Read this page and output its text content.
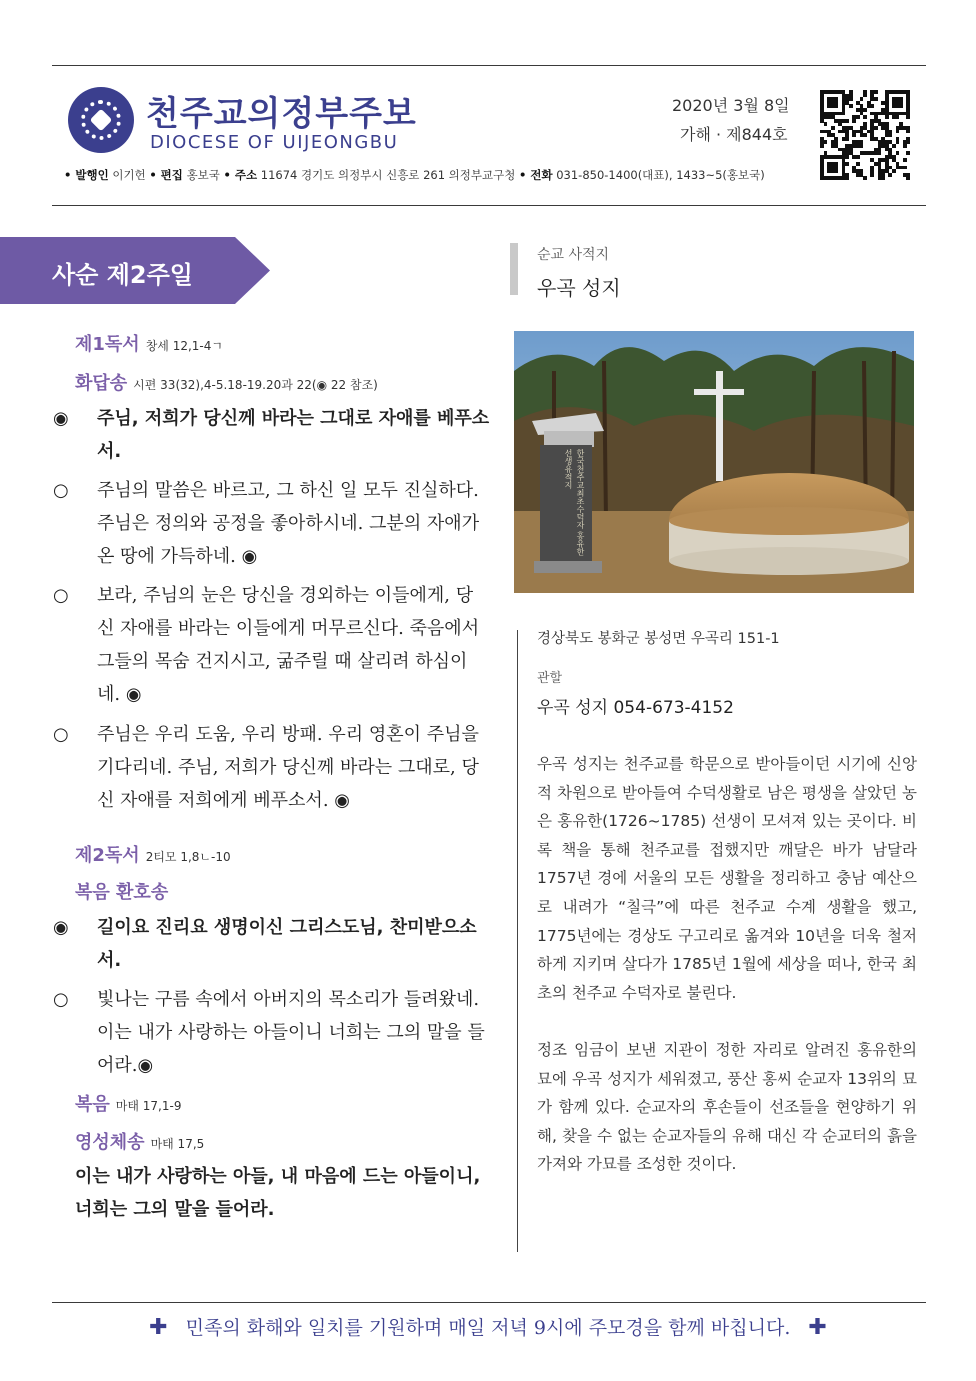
천주교의정부주보
DIOCESE OF UIJEONGBU
2020년 3월 8일
가해 · 제844호
• 발행인 이기헌 • 편집 홍보국 • 주소 11674 경기도 의정부시 신흥로 261 의정부교구청 • 전화 031-850-1400(대표), 1433~5(홍보국)
사순 제2주일
제1독서 창세 12,1-4ㄱ
화답송 시편 33(32),4-5.18-19.20과 22(◉ 22 참조)
◉ 주님, 저희가 당신께 바라는 그대로 자애를 베푸소서.
○ 주님의 말씀은 바르고, 그 하신 일 모두 진실하다. 주님은 정의와 공정을 좋아하시네. 그분의 자애가 온 땅에 가득하네. ◉
○ 보라, 주님의 눈은 당신을 경외하는 이들에게, 당신 자애를 바라는 이들에게 머무르신다. 죽음에서 그들의 목숨 건지시고, 굶주릴 때 살리려 하심이네. ◉
○ 주님은 우리 도움, 우리 방패. 우리 영혼이 주님을 기다리네. 주님, 저희가 당신께 바라는 그대로, 당신 자애를 저희에게 베푸소서. ◉
제2독서 2티모 1,8ㄴ-10
복음 환호송
◉ 길이요 진리요 생명이신 그리스도님, 찬미받으소서.
○ 빛나는 구름 속에서 아버지의 목소리가 들려왔네. 이는 내가 사랑하는 아들이니 너희는 그의 말을 들어라.◉
복음 마태 17,1-9
영성체송 마태 17,5
이는 내가 사랑하는 아들, 내 마음에 드는 아들이니, 너희는 그의 말을 들어라.
순교 사적지
우곡 성지
한국천주교최초수덕자 홍유한선생유적지
경상북도 봉화군 봉성면 우곡리 151-1
관할
우곡 성지 054-673-4152
우곡 성지는 천주교를 학문으로 받아들이던 시기에 신앙적 차원으로 받아들여 수덕생활로 남은 평생을 살았던 농은 홍유한(1726~1785) 선생이 모셔져 있는 곳이다. 비록 책을 통해 천주교를 접했지만 깨달은 바가 남달라 1757년 경에 서울의 모든 생활을 정리하고 충남 예산으로 내려가 “칠극”에 따른 천주교 수계 생활을 했고, 1775년에는 경상도 구고리로 옮겨와 10년을 더욱 철저하게 지키며 살다가 1785년 1월에 세상을 떠나, 한국 최초의 천주교 수덕자로 불린다.
정조 임금이 보낸 지관이 정한 자리로 알려진 홍유한의 묘에 우곡 성지가 세워졌고, 풍산 홍씨 순교자 13위의 묘가 함께 있다. 순교자의 후손들이 선조들을 현양하기 위해, 찾을 수 없는 순교자들의 유해 대신 각 순교터의 흙을 가져와 가묘를 조성한 것이다.
✚ 민족의 화해와 일치를 기원하며 매일 저녁 9시에 주모경을 함께 바칩니다. ✚
